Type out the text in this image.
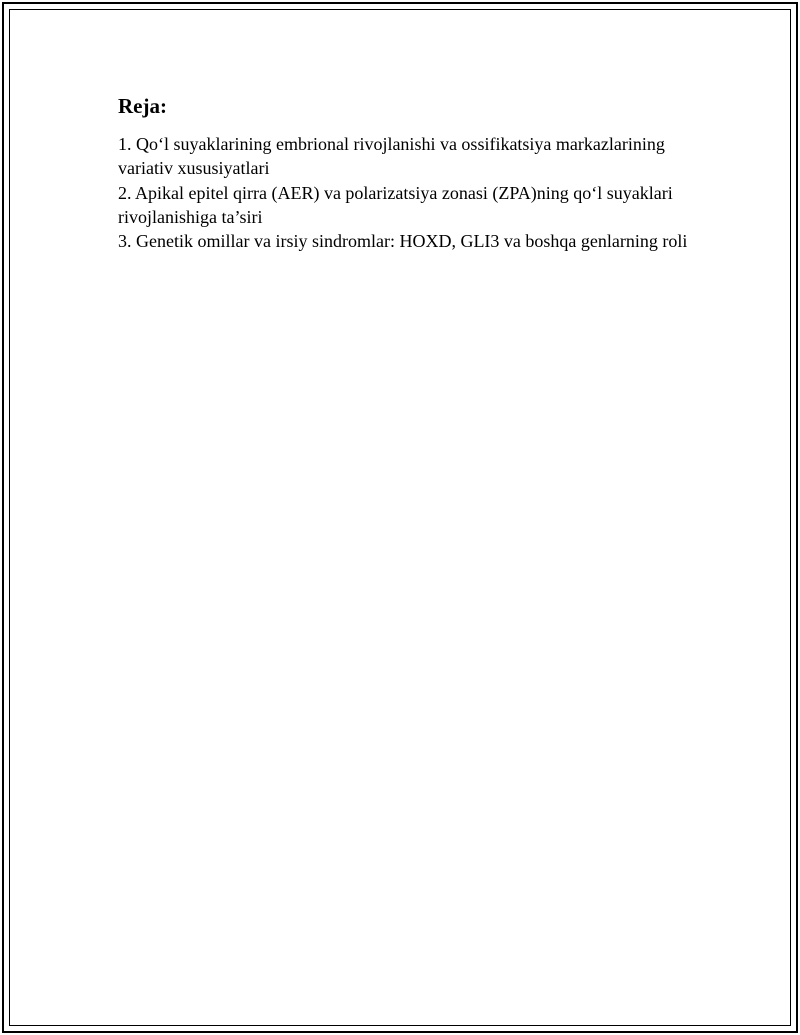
Reja:
1. Qo‘l suyaklarining embrional rivojlanishi va ossifikatsiya markazlarining variativ xususiyatlari
2. Apikal epitel qirra (AER) va polarizatsiya zonasi (ZPA)ning qo‘l suyaklari rivojlanishiga ta’siri
3. Genetik omillar va irsiy sindromlar: HOXD, GLI3 va boshqa genlarning roli
